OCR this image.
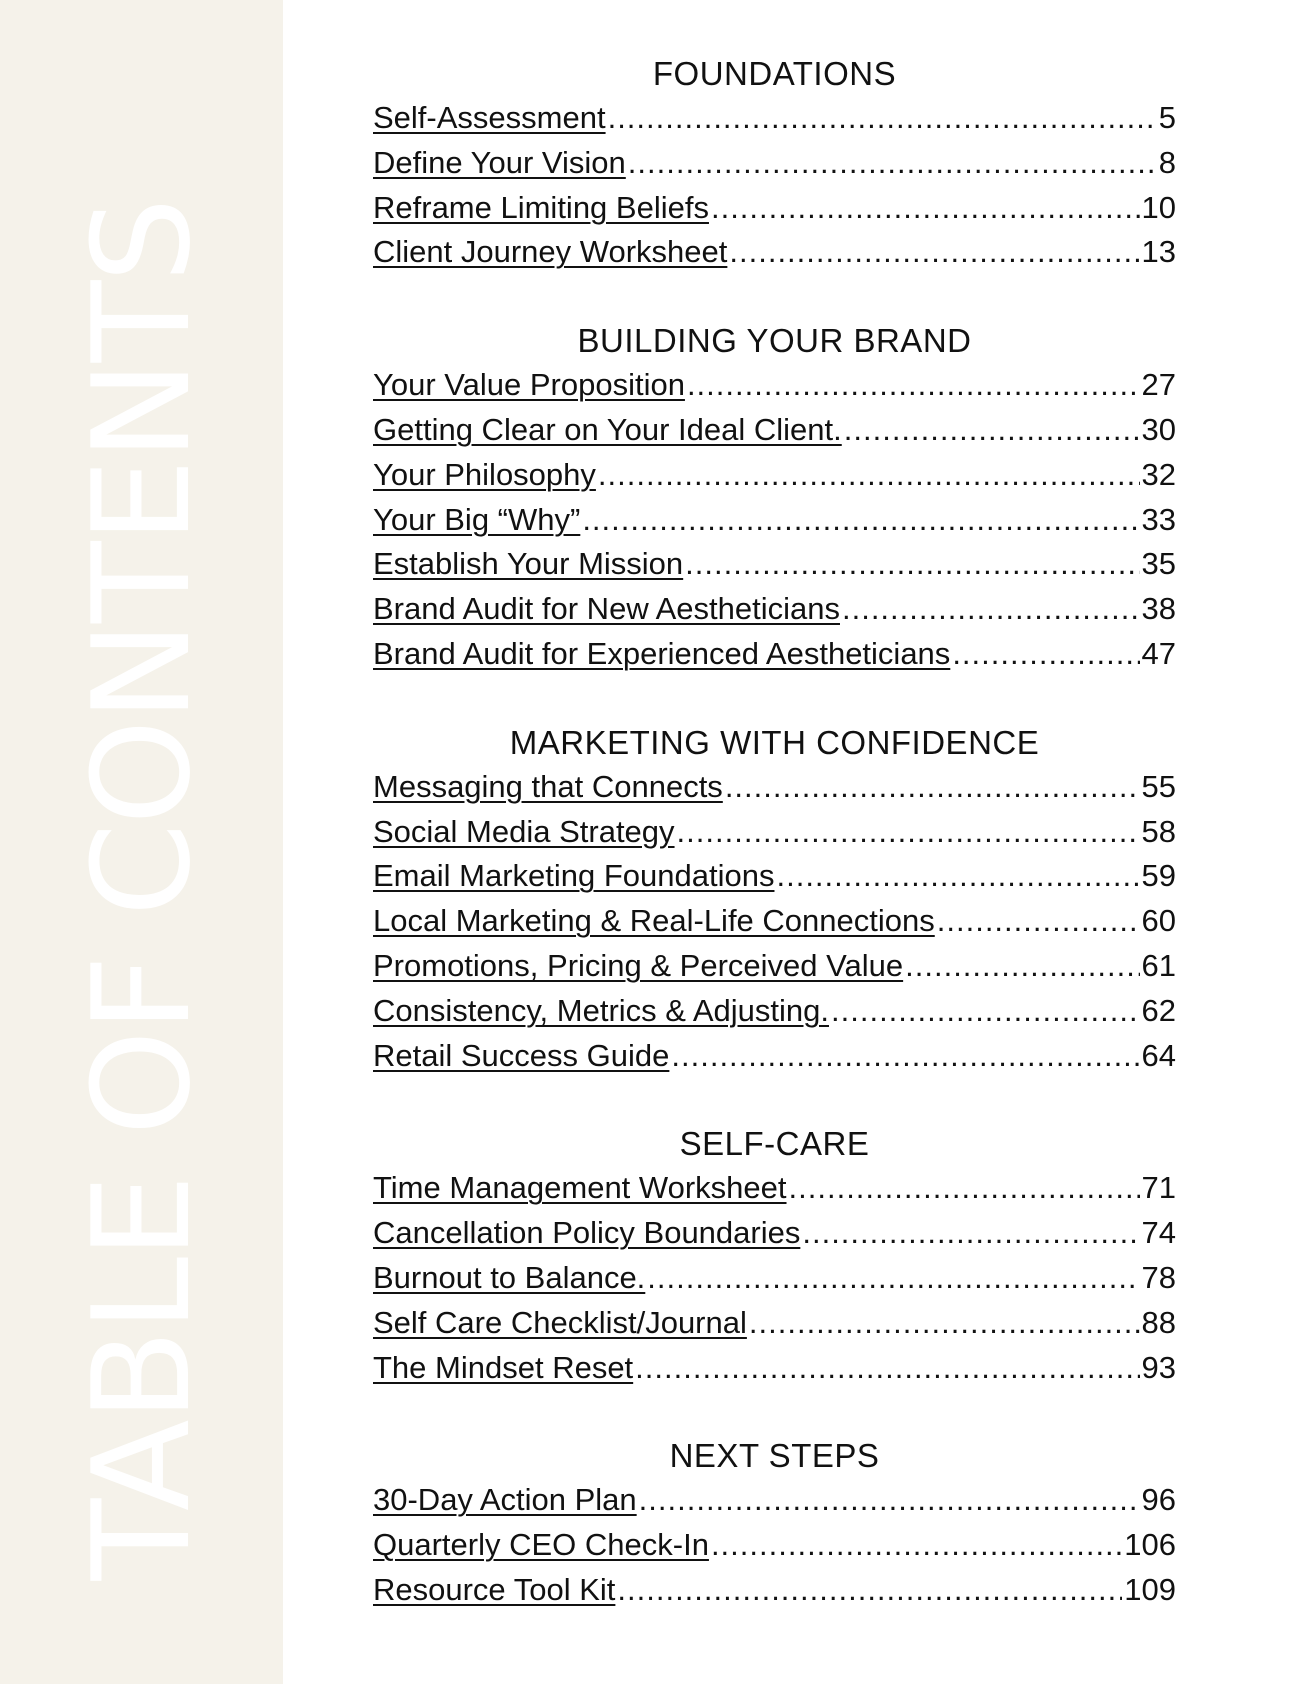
TABLE OF CONTENTS
FOUNDATIONS
Self-Assessment .....	5
Define Your Vision .....	8
Reframe Limiting Beliefs .....	10
Client Journey Worksheet .....	13
BUILDING YOUR BRAND
Your Value Proposition .....	27
Getting Clear on Your Ideal Client. .....	30
Your Philosophy .....	32
Your Big “Why” .....	33
Establish Your Mission .....	35
Brand Audit for New Aestheticians .....	38
Brand Audit for Experienced Aestheticians .....	47
MARKETING WITH CONFIDENCE
Messaging that Connects .....	55
Social Media Strategy .....	58
Email Marketing Foundations .....	59
Local Marketing & Real-Life Connections .....	60
Promotions, Pricing & Perceived Value .....	61
Consistency, Metrics & Adjusting. .....	62
Retail Success Guide .....	64
SELF-CARE
Time Management Worksheet .....	71
Cancellation Policy Boundaries .....	74
Burnout to Balance. .....	78
Self Care Checklist/Journal .....	88
The Mindset Reset .....	93
NEXT STEPS
30-Day Action Plan .....	96
Quarterly CEO Check-In .....	106
Resource Tool Kit .....	109
